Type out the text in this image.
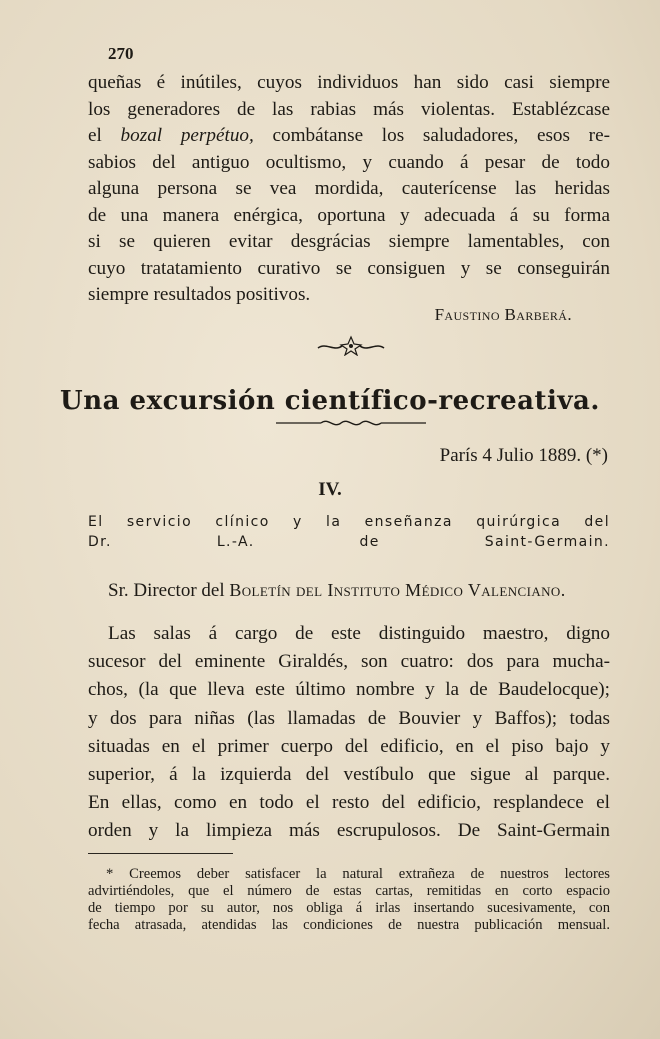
270
queñas é inútiles, cuyos individuos han sido casi siempre
los generadores de las rabias más violentas. Establézcase
el bozal perpétuo, combátanse los saludadores, esos re-
sabios del antiguo ocultismo, y cuando á pesar de todo
alguna persona se vea mordida, cauterícense las heridas
de una manera enérgica, oportuna y adecuada á su forma
si se quieren evitar desgrácias siempre lamentables, con
cuyo tratatamiento curativo se consiguen y se conseguirán
siempre resultados positivos.
Faustino Barberá.
Una excursión científico-recreativa.
París 4 Julio 1889. (*)
IV.
El servicio clínico y la enseñanza quirúrgica del
Dr. L.-A. de Saint-Germain.
Sr. Director del Boletín del Instituto Médico Valenciano.
Las salas á cargo de este distinguido maestro, digno
sucesor del eminente Giraldés, son cuatro: dos para mucha-
chos, (la que lleva este último nombre y la de Baudelocque);
y dos para niñas (las llamadas de Bouvier y Baffos); todas
situadas en el primer cuerpo del edificio, en el piso bajo y
superior, á la izquierda del vestíbulo que sigue al parque.
En ellas, como en todo el resto del edificio, resplandece el
orden y la limpieza más escrupulosos. De Saint-Germain
* Creemos deber satisfacer la natural extrañeza de nuestros lectores
advirtiéndoles, que el número de estas cartas, remitidas en corto espacio
de tiempo por su autor, nos obliga á irlas insertando sucesivamente, con
fecha atrasada, atendidas las condiciones de nuestra publicación mensual.
